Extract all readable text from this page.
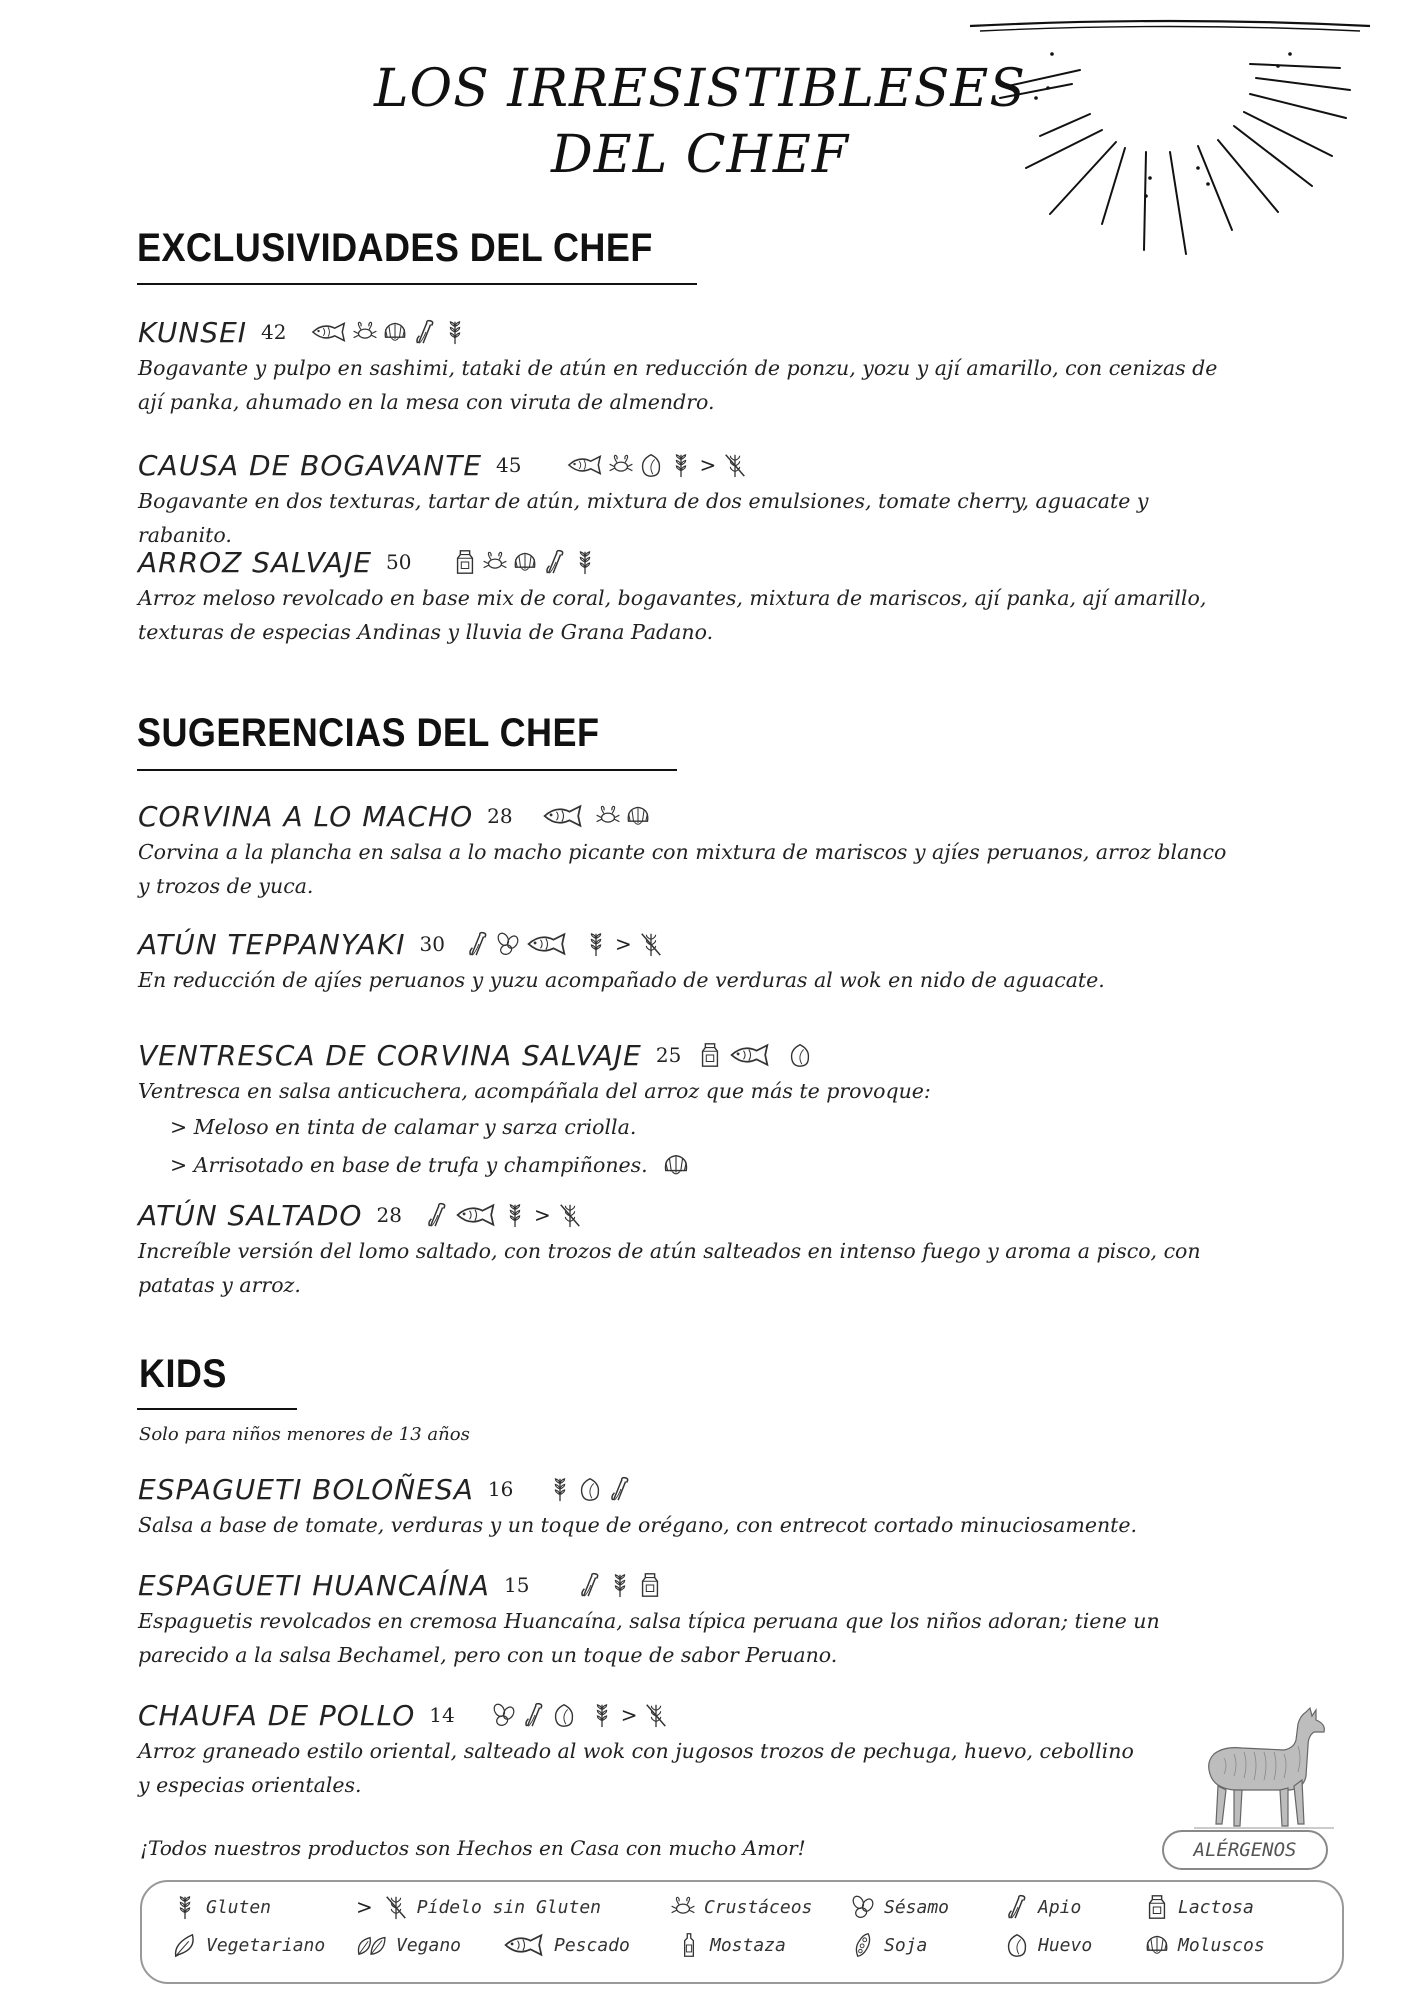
LOS IRRESISTIBLESES
DEL CHEF
EXCLUSIVIDADES DEL CHEF
KUNSEI 42
Bogavante y pulpo en sashimi, tataki de atún en reducción de ponzu, yozu y ají amarillo, con cenizas de ají panka, ahumado en la mesa con viruta de almendro.
CAUSA DE BOGAVANTE 45	>
Bogavante en dos texturas, tartar de atún, mixtura de dos emulsiones, tomate cherry, aguacate y rabanito.
ARROZ SALVAJE 50
Arroz meloso revolcado en base mix de coral, bogavantes, mixtura de mariscos, ají panka, ají amarillo, texturas de especias Andinas y lluvia de Grana Padano.
SUGERENCIAS DEL CHEF
CORVINA A LO MACHO 28
Corvina a la plancha en salsa a lo macho picante con mixtura de mariscos y ajíes peruanos, arroz blanco y trozos de yuca.
ATÚN TEPPANYAKI 30	>
En reducción de ajíes peruanos y yuzu acompañado de verduras al wok en nido de aguacate.
VENTRESCA DE CORVINA SALVAJE 25
Ventresca en salsa anticuchera, acompáñala del arroz que más te provoque:
> Meloso en tinta de calamar y sarza criolla.
> Arrisotado en base de trufa y champiñones.
ATÚN SALTADO 28	>
Increíble versión del lomo saltado, con trozos de atún salteados en intenso fuego y aroma a pisco, con patatas y arroz.
KIDS
Solo para niños menores de 13 años
ESPAGUETI BOLOÑESA 16
Salsa a base de tomate, verduras y un toque de orégano, con entrecot cortado minuciosamente.
ESPAGUETI HUANCAÍNA 15
Espaguetis revolcados en cremosa Huancaína, salsa típica peruana que los niños adoran; tiene un parecido a la salsa Bechamel, pero con un toque de sabor Peruano.
CHAUFA DE POLLO 14	>
Arroz graneado estilo oriental, salteado al wok con jugosos trozos de pechuga, huevo, cebollino y especias orientales.
¡Todos nuestros productos son Hechos en Casa con mucho Amor!	ALÉRGENOS
Gluten	> Pídelo sin Gluten	Crustáceos	Sésamo	Apio	Lactosa
Vegetariano	Vegano	Pescado	Mostaza	Soja	Huevo	Moluscos
